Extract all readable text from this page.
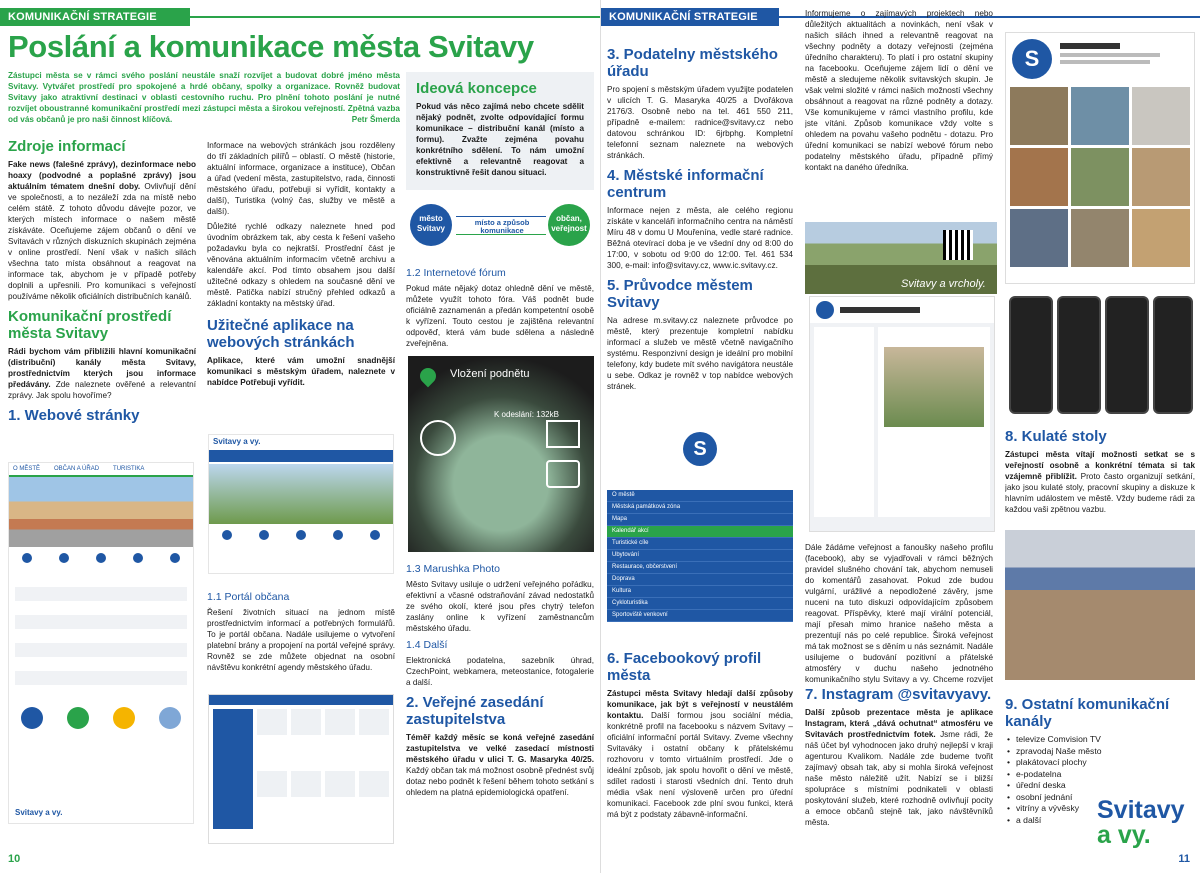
KOMUNIKAČNÍ STRATEGIE
Poslání a komunikace města Svitavy
Zástupci města se v rámci svého poslání neustále snaží rozvíjet a budovat dobré jméno města Svitavy. Vytvářet prostředí pro spokojené a hrdé občany, spolky a organizace. Rovněž budovat Svitavy jako atraktivní destinaci v oblasti cestovního ruchu. Pro plnění tohoto poslání je nutné rozvíjet oboustranné komunikační prostředí mezi zástupci města a širokou veřejností. Zpětná vazba od vás občanů je pro naši činnost klíčová.	Petr Šmerda
Zdroje informací

Fake news (falešné zprávy), dezinformace nebo hoaxy (podvodné a poplašné zprávy) jsou aktuálním tématem dnešní doby. Ovlivňují dění ve společnosti, a to nezáleží zda na místě nebo celém státě. Z tohoto důvodu dávejte pozor, ve kterých místech informace o našem městě získáváte. Oceňujeme zájem občanů o dění ve Svitavách v různých diskuzních skupinách zejména v online prostředí. Není však v našich silách všechna tato místa obsáhnout a reagovat na informace tak, abychom je v případě potřeby doplnili a upřesnili. Pro komunikaci s veřejností používáme několik oficiálních distribučních kanálů.

Komunikační prostředí města Svitavy

Rádi bychom vám přiblížili hlavní komunikační (distribuční) kanály města Svitavy, prostřednictvím kterých jsou informace předávány. Zde naleznete ověřené a relevantní zprávy. Jak spolu hovoříme?

1. Webové stránky
O MĚSTĚ OBČAN A ÚŘAD TURISTIKA
Svitavy a vy.

Informace na webových stránkách jsou rozděleny do tří základních pilířů – oblastí. O městě (historie, aktuální informace, organizace a instituce), Občan a úřad (vedení města, zastupitelstvo, rada, činnosti městského úřadu, potřebuji si vyřídit, kontakty a další), Turistika (volný čas, služby ve městě a další).

Důležité rychlé odkazy naleznete hned pod úvodním obrázkem tak, aby cesta k řešení vašeho požadavku byla co nejkratší. Prostřední část je věnována aktuálním informacím včetně archivu a kalendáře akcí. Pod tímto obsahem jsou další užitečné odkazy s ohledem na současné dění ve městě. Patička nabízí stručný přehled odkazů a základní kontakty na městský úřad.

Užitečné aplikace na webových stránkách

Aplikace, které vám umožní snadnější komunikaci s městským úřadem, naleznete v nabídce Potřebuji vyřídit.

Svitavy a vy.
1.1 Portál občana

Řešení životních situací na jednom místě prostřednictvím informací a potřebných formulářů. To je portál občana. Nadále usilujeme o vytvoření platební brány a propojení na portál veřejné správy. Rovněž se zde můžete objednat na osobní návštěvu konkrétní agendy městského úřadu.

Ideová koncepce

Pokud vás něco zajímá nebo chcete sdělit nějaký podnět, zvolte odpovídající formu komunikace – distribuční kanál (místo a formu). Zvažte zejména povahu konkrétního sdělení. To nám umožní efektivně a relevantně reagovat a konstruktivně řešit danou situaci.

město Svitavy
místo a způsob komunikace
občan, veřejnost
1.2 Internetové fórum

Pokud máte nějaký dotaz ohledně dění ve městě, můžete využít tohoto fóra. Váš podnět bude oficiálně zaznamenán a předán kompetentní osobě k vyřízení. Touto cestou je zajištěna relevantní odpověď, která vám bude sdělena a následně zveřejněna.

Vložení podnětu
K odeslání: 132kB
1.3 Marushka Photo

Město Svitavy usiluje o udržení veřejného pořádku, efektivní a včasné odstraňování závad nedostatků ze svého okolí, které jsou přes chytrý telefon zaslány online k vyřízení zaměstnancům městského úřadu.

1.4 Další

Elektronická podatelna, sazebník úhrad, CzechPoint, webkamera, meteostanice, fotogalerie a další.

2. Veřejné zasedání zastupitelstva

Téměř každý měsíc se koná veřejné zasedání zastupitelstva ve velké zasedací místnosti městského úřadu v ulici T. G. Masaryka 40/25. Každý občan tak má možnost osobně přednést svůj dotaz nebo podnět k řešení během tohoto setkání s ohledem na platná epidemiologická opatření.

10
KOMUNIKAČNÍ STRATEGIE
3. Podatelny městského úřadu

Pro spojení s městským úřadem využijte podatelen v ulicích T. G. Masaryka 40/25 a Dvořákova 2176/3. Osobně nebo na tel. 461 550 211, případně e-mailem: radnice@svitavy.cz nebo datovou schránkou ID: 6jrbphg. Kompletní telefonní seznam naleznete na webových stránkách.

4. Městské informační centrum

Informace nejen z města, ale celého regionu získáte v kanceláři informačního centra na náměstí Míru 48 v domu U Mouřenína, vedle staré radnice. Běžná otevírací doba je ve všední dny od 8:00 do 17:00, v sobotu od 9:00 do 12:00. Tel. 461 534 300, e-mail: info@svitavy.cz, www.ic.svitavy.cz.

5. Průvodce městem Svitavy

Na adrese m.svitavy.cz naleznete průvodce po městě, který prezentuje kompletní nabídku informací a služeb ve městě včetně navigačního systému. Responzivní design je ideální pro mobilní telefony, kdy budete mít svého navigátora neustále u sebe. Odkaz je rovněž v top nabídce webových stránek.

S
O městě
Městská památková zóna
Mapa
Kalendář akcí
Turistické cíle
Ubytování
Restaurace, občerstvení
Doprava
Kultura
Cykloturistika
Sportoviště venkovní
6. Facebookový profil města

Zástupci města Svitavy hledají další způsoby komunikace, jak být s veřejností v neustálém kontaktu. Další formou jsou sociální média, konkrétně profil na facebooku s názvem Svitavy – oficiální informační portál Svitavy. Zveme všechny Svitaváky i ostatní občany k přátelskému rozhovoru v tomto virtuálním prostředí. Jde o ideální způsob, jak spolu hovořit o dění ve městě, sdílet radosti i starosti všedních dní. Tento druh média však není výsloveně určen pro úřední komunikaci. Facebook zde plní svou funkci, která má být z podstaty zábavně-informační.

Informujeme o zajímavých projektech nebo důležitých aktualitách a novinkách, není však v našich silách ihned a relevantně reagovat na všechny podněty a dotazy veřejnosti (zejména úředního charakteru). To platí i pro ostatní skupiny na facebooku. Oceňujeme zájem lidí o dění ve městě a sledujeme několik svitavských skupin. Je však velmi složité v rámci našich možností všechny obsáhnout a reagovat na různé podněty a dotazy. Vše komunikujeme v rámci vlastního profilu, kde jste vítáni. Způsob komunikace vždy volte s ohledem na povahu vašeho podnětu - dotazu. Pro úřední komunikaci se nabízí webové fórum nebo podatelny městského úřadu, případně přímý kontakt na daného úředníka.

Svitavy a vrcholy.

Dále žádáme veřejnost a fanoušky našeho profilu (facebook), aby se vyjadřovali v rámci běžných pravidel slušného chování tak, abychom nemuseli do komentářů zasahovat. Pokud zde budou vulgární, urážlivé a nepodložené závěry, jsme nuceni na tuto diskuzi odpovídajícím způsobem reagovat. Příspěvky, které mají virální potenciál, mají přesah mimo hranice našeho města a prezentují nás po celé republice. Široká veřejnost má tak možnost se s děním u nás seznámit. Nadále usilujeme o budování pozitivní a přátelské atmosféry v duchu našeho jednotného komunikačního stylu Svitavy a vy. Chceme rozvíjet

7. Instagram @svitavyavy.

Další způsob prezentace města je aplikace Instagram, která „dává ochutnat“ atmosféru ve Svitavách prostřednictvím fotek. Jsme rádi, že náš účet byl vyhodnocen jako druhý nejlepší v kraji agenturou Kvalikom. Nadále zde budeme tvořit zajímavý obsah tak, aby si mohla široká veřejnost naše město náležitě užít. Nabízí se i bližší spolupráce s místními podnikateli v oblasti poskytování služeb, které rozhodně ovlivňují pocity a emoce občanů stejně tak, jako návštěvníků města.

S
8. Kulaté stoly

Zástupci města vítají možnosti setkat se s veřejností osobně a konkrétní témata si tak vzájemně přiblížit. Proto často organizují setkání, jako jsou kulaté stoly, pracovní skupiny a diskuze k hlavním událostem ve městě. Vždy budeme rádi za každou vaši zpětnou vazbu.

9. Ostatní komunikační kanály
• televize Comvision TV
• zpravodaj Naše město
• plakátovací plochy
• e-podatelna
• úřední deska
• osobní jednání
• vitríny a vývěsky
• a další	Svitavy
a vy.
11
